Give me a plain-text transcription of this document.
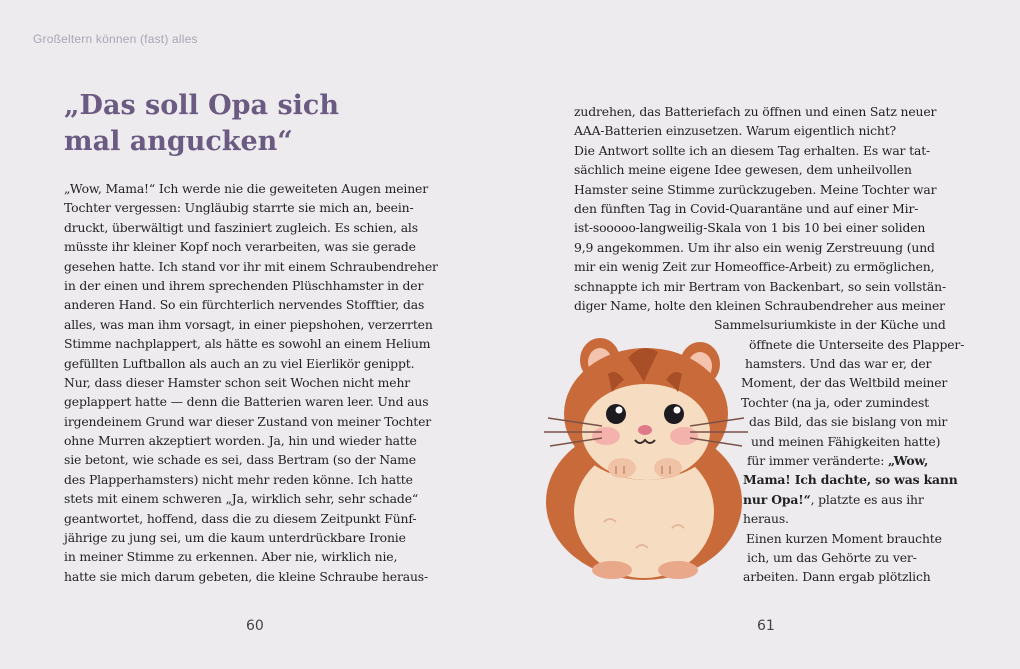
Großeltern können (fast) alles
„Das soll Opa sich
mal angucken“
„Wow, Mama!“ Ich werde nie die geweiteten Augen meiner
Tochter vergessen: Ungläubig starrte sie mich an, beein-
druckt, überwältigt und fasziniert zugleich. Es schien, als
müsste ihr kleiner Kopf noch verarbeiten, was sie gerade
gesehen hatte. Ich stand vor ihr mit einem Schraubendreher
in der einen und ihrem sprechenden Plüschhamster in der
anderen Hand. So ein fürchterlich nervendes Stofftier, das
alles, was man ihm vorsagt, in einer piepshohen, verzerrten
Stimme nachplappert, als hätte es sowohl an einem Helium
gefüllten Luftballon als auch an zu viel Eierlikör genippt.
Nur, dass dieser Hamster schon seit Wochen nicht mehr
geplappert hatte — denn die Batterien waren leer. Und aus
irgendeinem Grund war dieser Zustand von meiner Tochter
ohne Murren akzeptiert worden. Ja, hin und wieder hatte
sie betont, wie schade es sei, dass Bertram (so der Name
des Plapperhamsters) nicht mehr reden könne. Ich hatte
stets mit einem schweren „Ja, wirklich sehr, sehr schade“
geantwortet, hoffend, dass die zu diesem Zeitpunkt Fünf-
jährige zu jung sei, um die kaum unterdrückbare Ironie
in meiner Stimme zu erkennen. Aber nie, wirklich nie,
hatte sie mich darum gebeten, die kleine Schraube heraus-
zudrehen, das Batteriefach zu öffnen und einen Satz neuer
AAA-Batterien einzusetzen. Warum eigentlich nicht?
Die Antwort sollte ich an diesem Tag erhalten. Es war tat-
sächlich meine eigene Idee gewesen, dem unheilvollen
Hamster seine Stimme zurückzugeben. Meine Tochter war
den fünften Tag in Covid-Quarantäne und auf einer Mir-
ist-sooooo-langweilig-Skala von 1 bis 10 bei einer soliden
9,9 angekommen. Um ihr also ein wenig Zerstreuung (und
mir ein wenig Zeit zur Homeoffice-Arbeit) zu ermöglichen,
schnappte ich mir Bertram von Backenbart, so sein vollstän-
diger Name, holte den kleinen Schraubendreher aus meiner
Sammelsuriumkiste in der Küche und
öffnete die Unterseite des Plapper-
hamsters. Und das war er, der
Moment, der das Weltbild meiner
Tochter (na ja, oder zumindest
das Bild, das sie bislang von mir
und meinen Fähigkeiten hatte)
für immer veränderte: „Wow,
Mama! Ich dachte, so was kann
nur Opa!“, platzte es aus ihr
heraus.
Einen kurzen Moment brauchte
ich, um das Gehörte zu ver-
arbeiten. Dann ergab plötzlich
60	61
